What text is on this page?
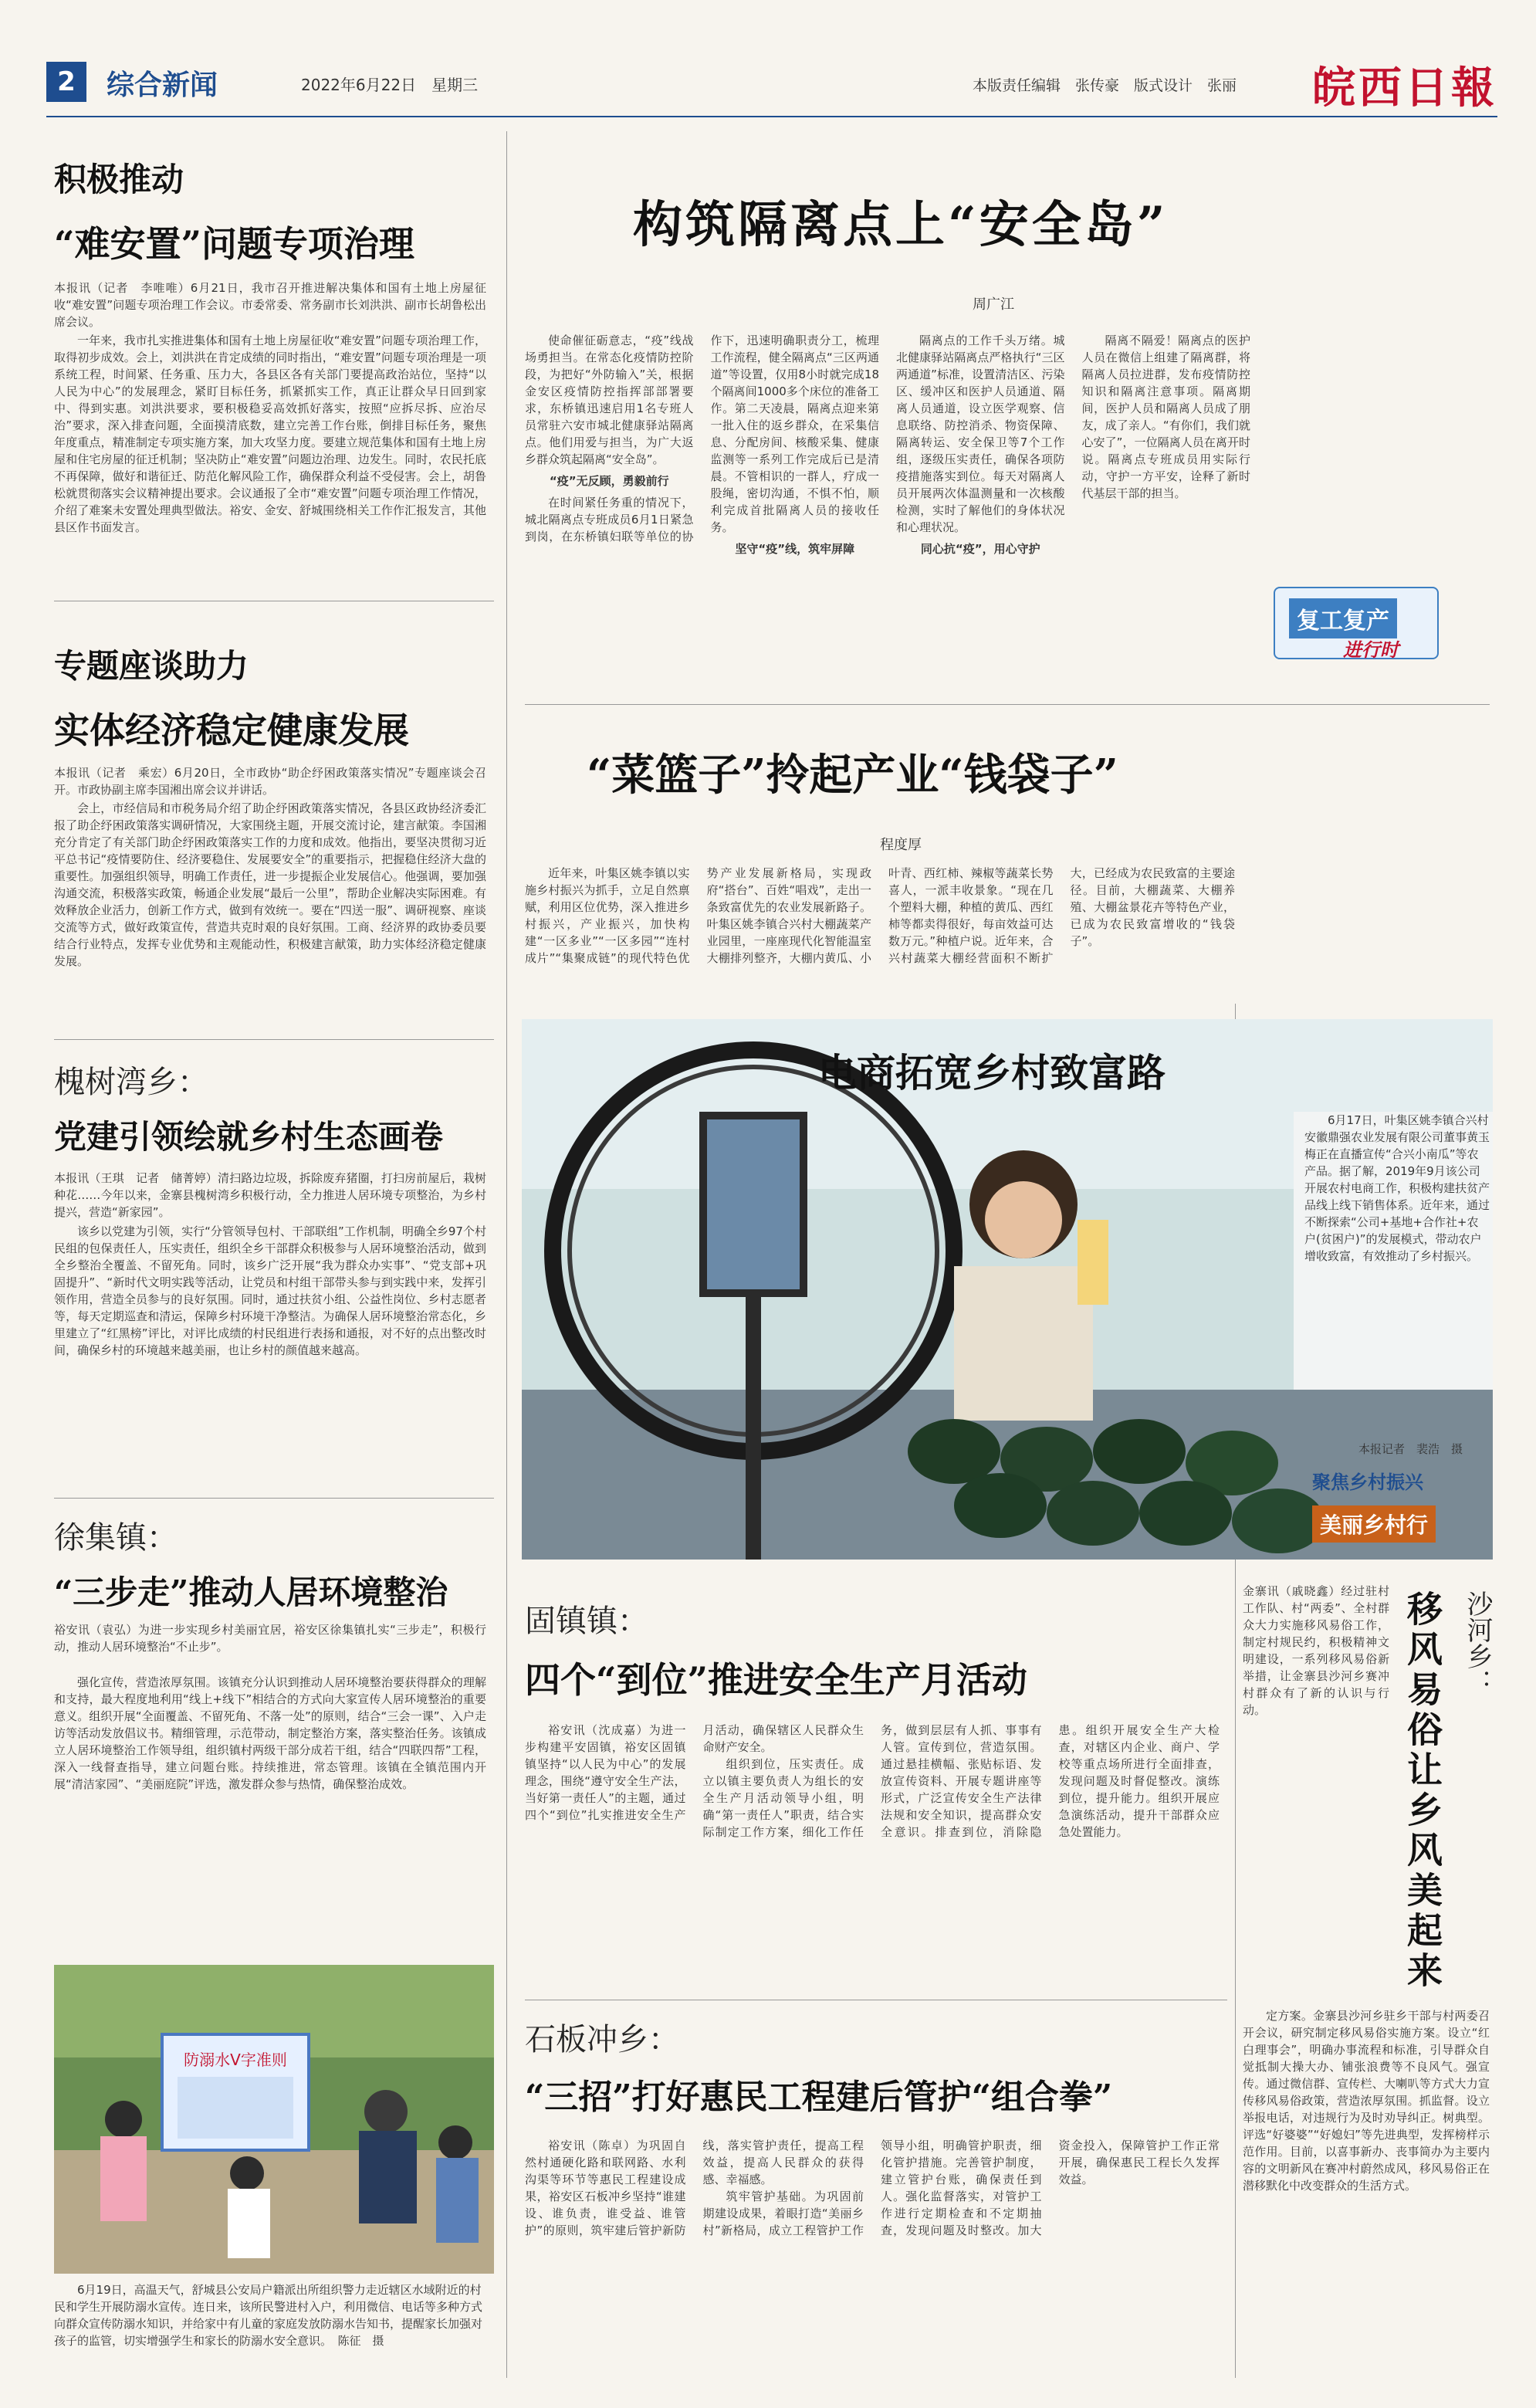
2	综合新闻	2022年6月22日　星期三	本版责任编辑　张传豪　版式设计　张丽 皖西日報
积极推动
“难安置”问题专项治理
本报讯（记者　李唯唯）6月21日，我市召开推进解决集体和国有土地上房屋征收“难安置”问题专项治理工作会议。市委常委、常务副市长刘洪洪、副市长胡鲁松出席会议。
一年来，我市扎实推进集体和国有土地上房屋征收“难安置”问题专项治理工作，取得初步成效。会上，刘洪洪在肯定成绩的同时指出，“难安置”问题专项治理是一项系统工程，时间紧、任务重、压力大，各县区各有关部门要提高政治站位，坚持“以人民为中心”的发展理念，紧盯目标任务，抓紧抓实工作，真正让群众早日回到家中、得到实惠。刘洪洪要求，要积极稳妥高效抓好落实，按照“应拆尽拆、应治尽治”要求，深入排查问题，全面摸清底数，建立完善工作台账，倒排目标任务，聚焦年度重点，精准制定专项实施方案，加大攻坚力度。要建立规范集体和国有土地上房屋和住宅房屋的征迁机制；坚决防止“难安置”问题边治理、边发生。同时，农民托底不再保障，做好和谐征迁、防范化解风险工作，确保群众利益不受侵害。会上，胡鲁松就贯彻落实会议精神提出要求。会议通报了全市“难安置”问题专项治理工作情况，介绍了难案未安置处理典型做法。裕安、金安、舒城围绕相关工作作汇报发言，其他县区作书面发言。
专题座谈助力
实体经济稳定健康发展
本报讯（记者　乘宏）6月20日，全市政协“助企纾困政策落实情况”专题座谈会召开。市政协副主席李国湘出席会议并讲话。
会上，市经信局和市税务局介绍了助企纾困政策落实情况，各县区政协经济委汇报了助企纾困政策落实调研情况，大家围绕主题，开展交流讨论，建言献策。李国湘充分肯定了有关部门助企纾困政策落实工作的力度和成效。他指出，要坚决贯彻习近平总书记“疫情要防住、经济要稳住、发展要安全”的重要指示，把握稳住经济大盘的重要性。加强组织领导，明确工作责任，进一步提振企业发展信心。他强调，要加强沟通交流，积极落实政策，畅通企业发展“最后一公里”，帮助企业解决实际困难。有效释放企业活力，创新工作方式，做到有效统一。要在“四送一服”、调研视察、座谈交流等方式，做好政策宣传，营造共克时艰的良好氛围。工商、经济界的政协委员要结合行业特点，发挥专业优势和主观能动性，积极建言献策，助力实体经济稳定健康发展。
槐树湾乡：
党建引领绘就乡村生态画卷
本报讯（王琪　记者　储菁婷）清扫路边垃圾，拆除废弃猪圈，打扫房前屋后，栽树种花……今年以来，金寨县槐树湾乡积极行动，全力推进人居环境专项整治，为乡村提兴，营造“新家园”。
该乡以党建为引领，实行“分管领导包村、干部联组”工作机制，明确全乡97个村民组的包保责任人，压实责任，组织全乡干部群众积极参与人居环境整治活动，做到全乡整治全覆盖、不留死角。同时，该乡广泛开展“我为群众办实事”、“党支部+巩固提升”、“新时代文明实践等活动，让党员和村组干部带头参与到实践中来，发挥引领作用，营造全员参与的良好氛围。同时，通过扶贫小组、公益性岗位、乡村志愿者等，每天定期巡查和清运，保障乡村环境干净整洁。为确保人居环境整治常态化，乡里建立了“红黑榜”评比，对评比成绩的村民组进行表扬和通报，对不好的点出整改时间，确保乡村的环境越来越美丽，也让乡村的颜值越来越高。
徐集镇：
“三步走”推动人居环境整治
裕安讯（袁弘）为进一步实现乡村美丽宜居，裕安区徐集镇扎实“三步走”，积极行动，推动人居环境整治“不止步”。
强化宣传，营造浓厚氛围。该镇充分认识到推动人居环境整治要获得群众的理解和支持，最大程度地利用“线上+线下”相结合的方式向大家宣传人居环境整治的重要意义。组织开展“全面覆盖、不留死角、不落一处”的原则，结合“三会一课”、入户走访等活动发放倡议书。精细管理，示范带动，制定整治方案，落实整治任务。该镇成立人居环境整治工作领导组，组织镇村两级干部分成若干组，结合“四联四帮”工程，深入一线督查指导，建立问题台账。持续推进，常态管理。该镇在全镇范围内开展“清洁家园”、“美丽庭院”评选，激发群众参与热情，确保整治成效。
防溺水V字准则
6月19日，高温天气，舒城县公安局户籍派出所组织警力走近辖区水域附近的村民和学生开展防溺水宣传。连日来，该所民警进村入户，利用微信、电话等多种方式向群众宣传防溺水知识，并给家中有儿童的家庭发放防溺水告知书，提醒家长加强对孩子的监管，切实增强学生和家长的防溺水安全意识。　 陈征　摄
构筑隔离点上“安全岛”
周广江

使命催征砺意志，“疫”线战场勇担当。在常态化疫情防控阶段，为把好“外防输入”关，根据金安区疫情防控指挥部部署要求，东桥镇迅速启用1名专班人员常驻六安市城北健康驿站隔离点。他们用爱与担当，为广大返乡群众筑起隔离“安全岛”。

“疫”无反顾，勇毅前行

在时间紧任务重的情况下，城北隔离点专班成员6月1日紧急到岗，在东桥镇妇联等单位的协作下，迅速明确职责分工，梳理工作流程，健全隔离点“三区两通道”等设置，仅用8小时就完成18个隔离间1000多个床位的准备工作。第二天凌晨，隔离点迎来第一批入住的返乡群众，在采集信息、分配房间、核酸采集、健康监测等一系列工作完成后已是清晨。不管相识的一群人，疗成一股绳，密切沟通，不惧不怕，顺利完成首批隔离人员的接收任务。

坚守“疫”线，筑牢屏障

隔离点的工作千头万绪。城北健康驿站隔离点严格执行“三区两通道”标准，设置清洁区、污染区、缓冲区和医护人员通道、隔离人员通道，设立医学观察、信息联络、防控消杀、物资保障、隔离转运、安全保卫等7个工作组，逐级压实责任，确保各项防疫措施落实到位。每天对隔离人员开展两次体温测量和一次核酸检测，实时了解他们的身体状况和心理状况。

同心抗“疫”，用心守护

隔离不隔爱！隔离点的医护人员在微信上组建了隔离群，将隔离人员拉进群，发布疫情防控知识和隔离注意事项。隔离期间，医护人员和隔离人员成了朋友，成了亲人。“有你们，我们就心安了”，一位隔离人员在离开时说。隔离点专班成员用实际行动，守护一方平安，诠释了新时代基层干部的担当。

复工复产
进行时
“菜篮子”拎起产业“钱袋子”
程度厚
近年来，叶集区姚李镇以实施乡村振兴为抓手，立足自然禀赋，利用区位优势，深入推进乡村振兴，产业振兴，加快构建“一区多业”“一区多园”“连村成片”“集聚成链”的现代特色优势产业发展新格局，实现政府“搭台”、百姓“唱戏”，走出一条致富优先的农业发展新路子。叶集区姚李镇合兴村大棚蔬菜产业园里，一座座现代化智能温室大棚排列整齐，大棚内黄瓜、小叶青、西红柿、辣椒等蔬菜长势喜人，一派丰收景象。“现在几个塑料大棚，种植的黄瓜、西红柿等都卖得很好，每亩效益可达数万元。”种植户说。近年来，合兴村蔬菜大棚经营面积不断扩大，已经成为农民致富的主要途径。目前，大棚蔬菜、大棚养殖、大棚盆景花卉等特色产业，已成为农民致富增收的“钱袋子”。
电商拓宽乡村致富路
6月17日，叶集区姚李镇合兴村安徽鼎强农业发展有限公司董事黄玉梅正在直播宣传“合兴小南瓜”等农产品。据了解，2019年9月该公司开展农村电商工作，积极构建扶贫产品线上线下销售体系。近年来，通过不断探索“公司+基地+合作社+农户(贫困户)”的发展模式，带动农户增收致富，有效推动了乡村振兴。
本报记者　裴浩　摄
聚焦乡村振兴
美丽乡村行
固镇镇：
四个“到位”推进安全生产月活动

裕安讯（沈成嘉）为进一步构建平安固镇，裕安区固镇镇坚持“以人民为中心”的发展理念，围绕“遵守安全生产法，当好第一责任人”的主题，通过四个“到位”扎实推进安全生产月活动，确保辖区人民群众生命财产安全。

组织到位，压实责任。成立以镇主要负责人为组长的安全生产月活动领导小组，明确“第一责任人”职责，结合实际制定工作方案，细化工作任务，做到层层有人抓、事事有人管。宣传到位，营造氛围。通过悬挂横幅、张贴标语、发放宣传资料、开展专题讲座等形式，广泛宣传安全生产法律法规和安全知识，提高群众安全意识。排查到位，消除隐患。组织开展安全生产大检查，对辖区内企业、商户、学校等重点场所进行全面排查，发现问题及时督促整改。演练到位，提升能力。组织开展应急演练活动，提升干部群众应急处置能力。

石板冲乡：
“三招”打好惠民工程建后管护“组合拳”

裕安讯（陈卓）为巩固自然村通硬化路和联网路、水利沟渠等环节等惠民工程建设成果，裕安区石板冲乡坚持“谁建设、谁负责，谁受益、谁管护”的原则，筑牢建后管护新防线，落实管护责任，提高工程效益，提高人民群众的获得感、幸福感。

筑牢管护基础。为巩固前期建设成果，着眼打造“美丽乡村”新格局，成立工程管护工作领导小组，明确管护职责，细化管护措施。完善管护制度，建立管护台账，确保责任到人。强化监督落实，对管护工作进行定期检查和不定期抽查，发现问题及时整改。加大资金投入，保障管护工作正常开展，确保惠民工程长久发挥效益。

沙河乡：
移风易俗让乡风美起来
金寨讯（戚晓鑫）经过驻村工作队、村“两委”、全村群众大力实施移风易俗工作，制定村规民约，积极精神文明建设，一系列移风易俗新举措，让金寨县沙河乡赛冲村群众有了新的认识与行动。
定方案。金寨县沙河乡驻乡干部与村两委召开会议，研究制定移风易俗实施方案。设立“红白理事会”，明确办事流程和标准，引导群众自觉抵制大操大办、铺张浪费等不良风气。强宣传。通过微信群、宣传栏、大喇叭等方式大力宣传移风易俗政策，营造浓厚氛围。抓监督。设立举报电话，对违规行为及时劝导纠正。树典型。评选“好婆婆”“好媳妇”等先进典型，发挥榜样示范作用。目前，以喜事新办、丧事简办为主要内容的文明新风在赛冲村蔚然成风，移风易俗正在潜移默化中改变群众的生活方式。
